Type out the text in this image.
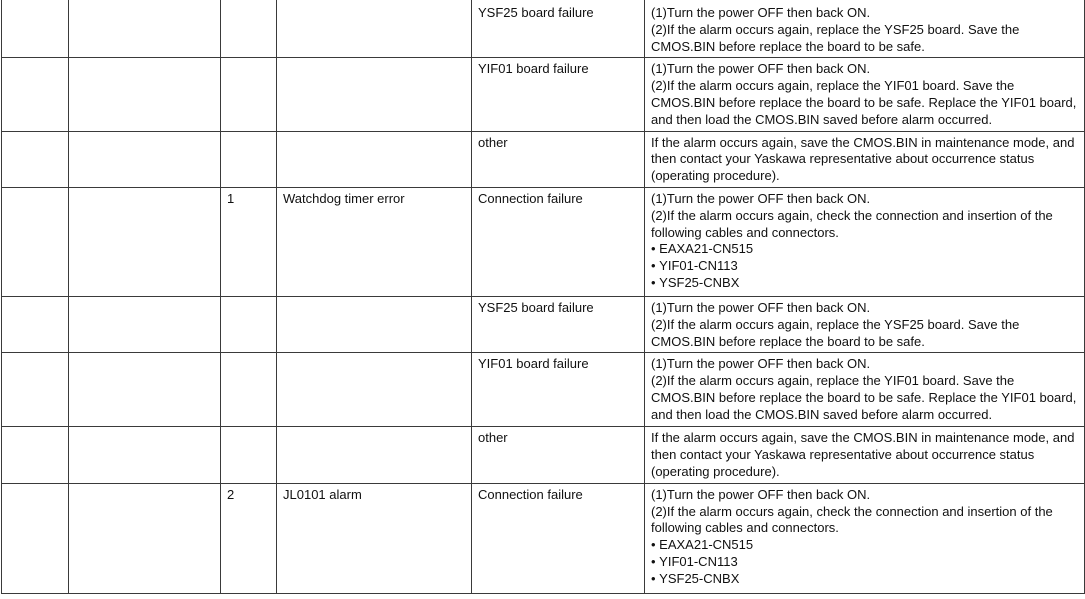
				YSF25 board failure	(1)Turn the power OFF then back ON.
(2)If the alarm occurs again, replace the YSF25 board. Save the CMOS.BIN before replace the board to be safe.

				YIF01 board failure	(1)Turn the power OFF then back ON.
(2)If the alarm occurs again, replace the YIF01 board. Save the CMOS.BIN before replace the board to be safe. Replace the YIF01 board, and then load the CMOS.BIN saved before alarm occurred.

				other	If the alarm occurs again, save the CMOS.BIN in maintenance mode, and then contact your Yaskawa representative about occurrence status (operating procedure).

		1	Watchdog timer error	Connection failure	(1)Turn the power OFF then back ON.
(2)If the alarm occurs again, check the connection and insertion of the following cables and connectors.
• EAXA21-CN515
• YIF01-CN113
• YSF25-CNBX

				YSF25 board failure	(1)Turn the power OFF then back ON.
(2)If the alarm occurs again, replace the YSF25 board. Save the CMOS.BIN before replace the board to be safe.

				YIF01 board failure	(1)Turn the power OFF then back ON.
(2)If the alarm occurs again, replace the YIF01 board. Save the CMOS.BIN before replace the board to be safe. Replace the YIF01 board, and then load the CMOS.BIN saved before alarm occurred.

				other	If the alarm occurs again, save the CMOS.BIN in maintenance mode, and then contact your Yaskawa representative about occurrence status (operating procedure).

		2	JL0101 alarm	Connection failure	(1)Turn the power OFF then back ON.
(2)If the alarm occurs again, check the connection and insertion of the following cables and connectors.
• EAXA21-CN515
• YIF01-CN113
• YSF25-CNBX
